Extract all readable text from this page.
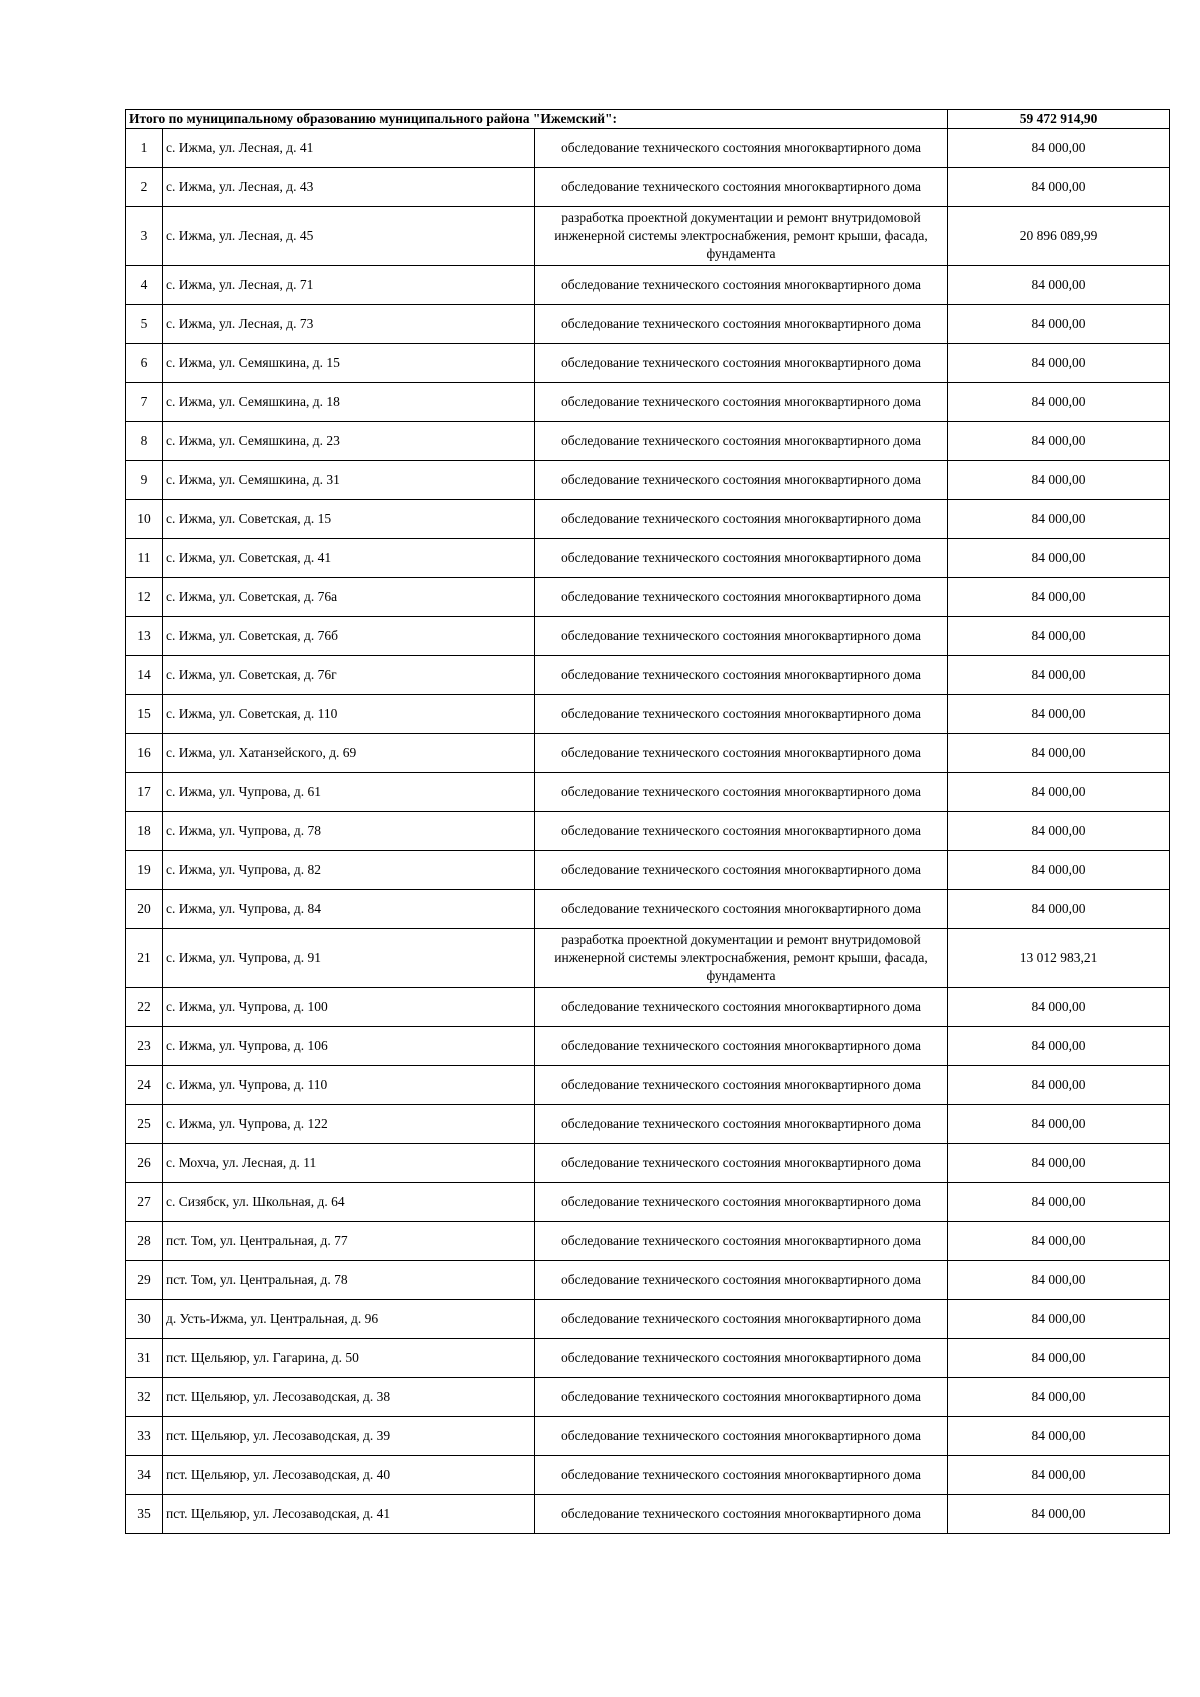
Итого по муниципальному образованию муниципального района "Ижемский":			59 472 914,90
1	с. Ижма, ул. Лесная, д. 41	обследование технического состояния многоквартирного дома	84 000,00
2	с. Ижма, ул. Лесная, д. 43	обследование технического состояния многоквартирного дома	84 000,00
3	с. Ижма, ул. Лесная, д. 45	разработка проектной документации и ремонт внутридомовой инженерной системы электроснабжения, ремонт крыши, фасада, фундамента	20 896 089,99
4	с. Ижма, ул. Лесная, д. 71	обследование технического состояния многоквартирного дома	84 000,00
5	с. Ижма, ул. Лесная, д. 73	обследование технического состояния многоквартирного дома	84 000,00
6	с. Ижма, ул. Семяшкина, д. 15	обследование технического состояния многоквартирного дома	84 000,00
7	с. Ижма, ул. Семяшкина, д. 18	обследование технического состояния многоквартирного дома	84 000,00
8	с. Ижма, ул. Семяшкина, д. 23	обследование технического состояния многоквартирного дома	84 000,00
9	с. Ижма, ул. Семяшкина, д. 31	обследование технического состояния многоквартирного дома	84 000,00
10	с. Ижма, ул. Советская, д. 15	обследование технического состояния многоквартирного дома	84 000,00
11	с. Ижма, ул. Советская, д. 41	обследование технического состояния многоквартирного дома	84 000,00
12	с. Ижма, ул. Советская, д. 76а	обследование технического состояния многоквартирного дома	84 000,00
13	с. Ижма, ул. Советская, д. 76б	обследование технического состояния многоквартирного дома	84 000,00
14	с. Ижма, ул. Советская, д. 76г	обследование технического состояния многоквартирного дома	84 000,00
15	с. Ижма, ул. Советская, д. 110	обследование технического состояния многоквартирного дома	84 000,00
16	с. Ижма, ул. Хатанзейского, д. 69	обследование технического состояния многоквартирного дома	84 000,00
17	с. Ижма, ул. Чупрова, д. 61	обследование технического состояния многоквартирного дома	84 000,00
18	с. Ижма, ул. Чупрова, д. 78	обследование технического состояния многоквартирного дома	84 000,00
19	с. Ижма, ул. Чупрова, д. 82	обследование технического состояния многоквартирного дома	84 000,00
20	с. Ижма, ул. Чупрова, д. 84	обследование технического состояния многоквартирного дома	84 000,00
21	с. Ижма, ул. Чупрова, д. 91	разработка проектной документации и ремонт внутридомовой инженерной системы электроснабжения, ремонт крыши, фасада, фундамента	13 012 983,21
22	с. Ижма, ул. Чупрова, д. 100	обследование технического состояния многоквартирного дома	84 000,00
23	с. Ижма, ул. Чупрова, д. 106	обследование технического состояния многоквартирного дома	84 000,00
24	с. Ижма, ул. Чупрова, д. 110	обследование технического состояния многоквартирного дома	84 000,00
25	с. Ижма, ул. Чупрова, д. 122	обследование технического состояния многоквартирного дома	84 000,00
26	с. Мохча, ул. Лесная, д. 11	обследование технического состояния многоквартирного дома	84 000,00
27	с. Сизябск, ул. Школьная, д. 64	обследование технического состояния многоквартирного дома	84 000,00
28	пст. Том, ул. Центральная, д. 77	обследование технического состояния многоквартирного дома	84 000,00
29	пст. Том, ул. Центральная, д. 78	обследование технического состояния многоквартирного дома	84 000,00
30	д. Усть-Ижма, ул. Центральная, д. 96	обследование технического состояния многоквартирного дома	84 000,00
31	пст. Щельяюр, ул. Гагарина, д. 50	обследование технического состояния многоквартирного дома	84 000,00
32	пст. Щельяюр, ул. Лесозаводская, д. 38	обследование технического состояния многоквартирного дома	84 000,00
33	пст. Щельяюр, ул. Лесозаводская, д. 39	обследование технического состояния многоквартирного дома	84 000,00
34	пст. Щельяюр, ул. Лесозаводская, д. 40	обследование технического состояния многоквартирного дома	84 000,00
35	пст. Щельяюр, ул. Лесозаводская, д. 41	обследование технического состояния многоквартирного дома	84 000,00
